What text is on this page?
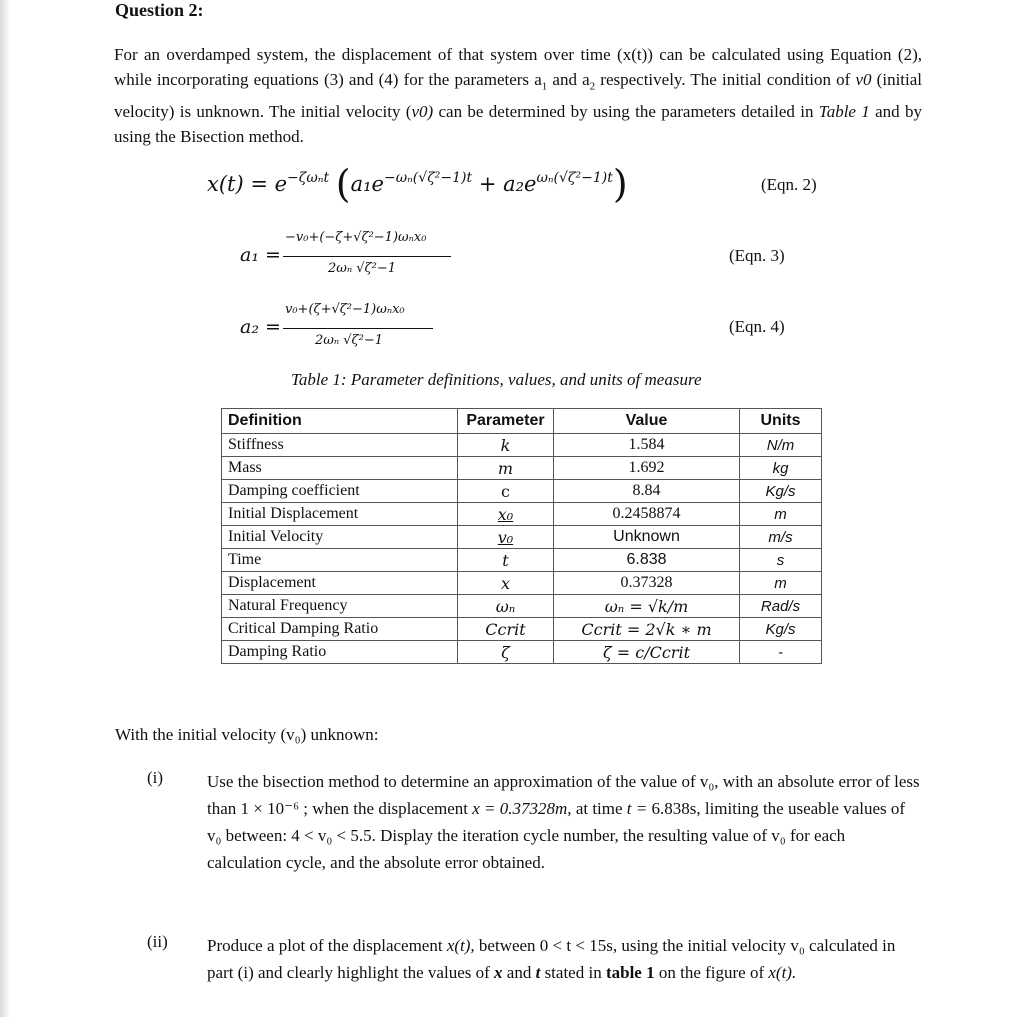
Question 2:
For an overdamped system, the displacement of that system over time (x(t)) can be calculated using Equation (2), while incorporating equations (3) and (4) for the parameters $a_1$ and $a_2$ respectively. The initial condition of v0 (initial velocity) is unknown. The initial velocity (v0) can be determined by using the parameters detailed in Table 1 and by using the Bisection method.
$x(t) = e^{-\zeta\omega_nt}$ $(a_1e^{-\omega_n(√\zeta^2-1)t} + a_2e^{\omega_n(√\zeta^2-1)t})$	(Eqn. 2)
a₁ =
−v₀+(−ζ+√ζ²−1)ωₙx₀
2ωₙ √ζ²−1
(Eqn. 3)
a₂ =
v₀+(ζ+√ζ²−1)ωₙx₀
2ωₙ √ζ²−1
(Eqn. 4)
Table 1: Parameter definitions, values, and units of measure
Definition	Parameter	Value	Units
Stiffness	k	1.584	N/m
Mass	m	1.692	kg
Damping coefficient	c	8.84	Kg/s
Initial Displacement	x₀	0.2458874	m
Initial Velocity	v₀	Unknown	m/s
Time	t	6.838	s
Displacement	x	0.37328	m
Natural Frequency	ωₙ	ωₙ = √k/m	Rad/s
Critical Damping Ratio	Ccrit	Ccrit = 2√k ∗ m	Kg/s
Damping Ratio	ζ	ζ = c/Ccrit	-
With the initial velocity (v₀) unknown:
(i)	Use the bisection method to determine an approximation of the value of v₀, with an absolute error of less than 1 × 10⁻⁶ ; when the displacement x = 0.37328m, at time t = 6.838s, limiting the useable values of v₀ between: 4 < v₀ < 5.5. Display the iteration cycle number, the resulting value of v₀ for each calculation cycle, and the absolute error obtained.
(ii) Produce a plot of the displacement x(t), between 0 < t < 15s, using the initial velocity v₀ calculated in part (i) and clearly highlight the values of x and t stated in table 1 on the figure of x(t).
